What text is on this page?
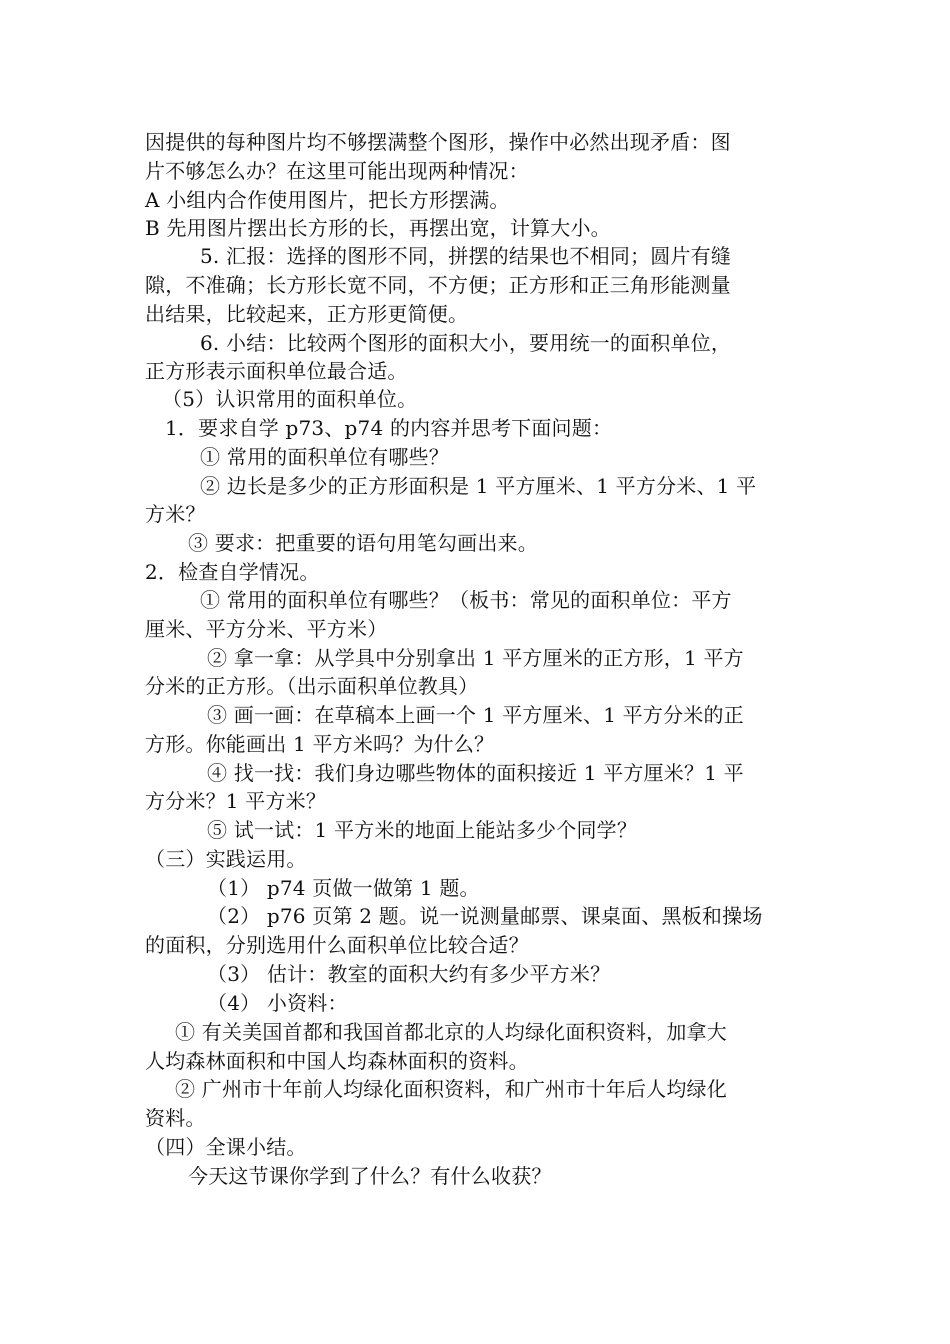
因提供的每种图片均不够摆满整个图形，操作中必然出现矛盾：图
片不够怎么办？在这里可能出现两种情况：
A 小组内合作使用图片，把长方形摆满。
B 先用图片摆出长方形的长，再摆出宽，计算大小。
5. 汇报：选择的图形不同，拼摆的结果也不相同；圆片有缝
隙，不准确；长方形长宽不同，不方便；正方形和正三角形能测量
出结果，比较起来，正方形更简便。
6. 小结：比较两个图形的面积大小，要用统一的面积单位，
正方形表示面积单位最合适。
（5）认识常用的面积单位。
1．要求自学 p73、p74 的内容并思考下面问题：
① 常用的面积单位有哪些？
② 边长是多少的正方形面积是 1 平方厘米、1 平方分米、1 平
方米？
③ 要求：把重要的语句用笔勾画出来。
2．检查自学情况。
① 常用的面积单位有哪些？（板书：常见的面积单位：平方
厘米、平方分米、平方米）
② 拿一拿：从学具中分别拿出 1 平方厘米的正方形，1 平方
分米的正方形。（出示面积单位教具）
③ 画一画：在草稿本上画一个 1 平方厘米、1 平方分米的正
方形。你能画出 1 平方米吗？为什么？
④ 找一找：我们身边哪些物体的面积接近 1 平方厘米？1 平
方分米？1 平方米？
⑤ 试一试：1 平方米的地面上能站多少个同学？
（三）实践运用。
（1） p74 页做一做第 1 题。
（2） p76 页第 2 题。说一说测量邮票、课桌面、黑板和操场
的面积，分别选用什么面积单位比较合适？
（3） 估计：教室的面积大约有多少平方米？
（4） 小资料：
① 有关美国首都和我国首都北京的人均绿化面积资料，加拿大
人均森林面积和中国人均森林面积的资料。
② 广州市十年前人均绿化面积资料，和广州市十年后人均绿化
资料。
（四）全课小结。
今天这节课你学到了什么？有什么收获？
